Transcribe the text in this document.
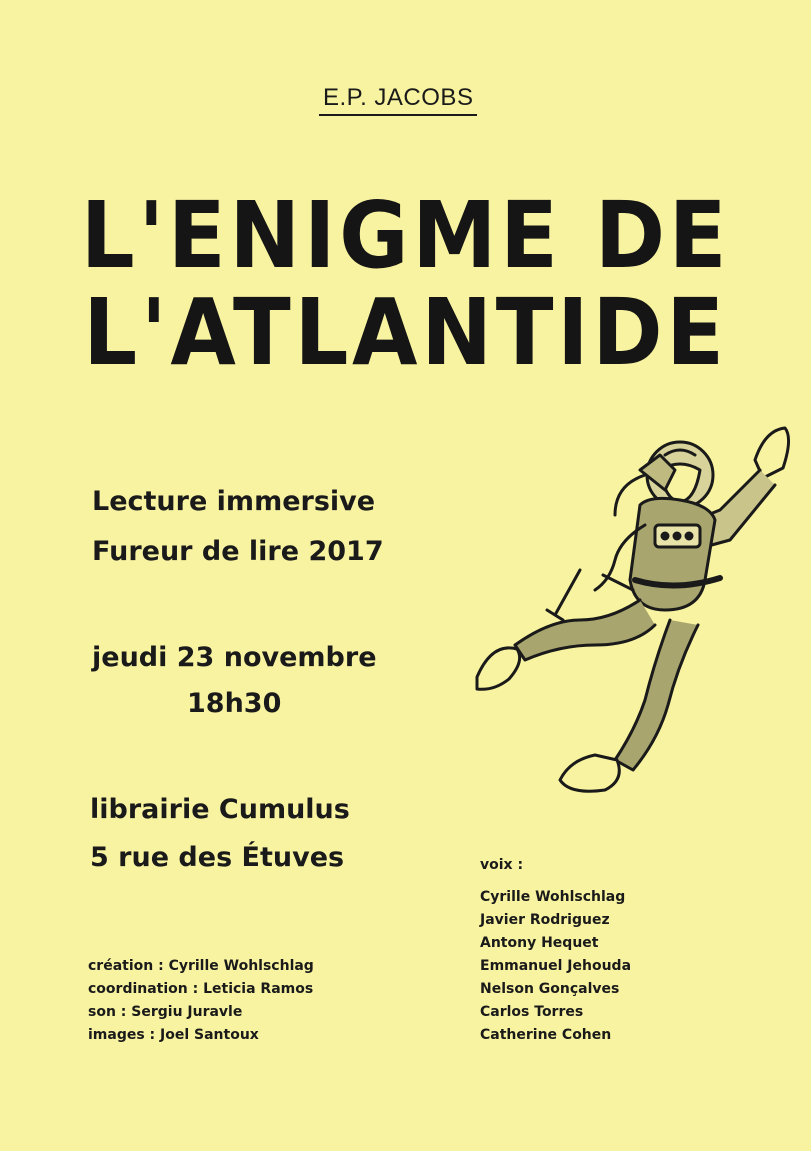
E.P. JACOBS
L'ENIGME DE
L'ATLANTIDE
Lecture immersive
Fureur de lire 2017
jeudi 23 novembre
18h30
librairie Cumulus
5 rue des Étuves
création : Cyrille Wohlschlag
coordination : Leticia Ramos
son : Sergiu Juravle
images : Joel Santoux
voix :
Cyrille Wohlschlag
Javier Rodriguez
Antony Hequet
Emmanuel Jehouda
Nelson Gonçalves
Carlos Torres
Catherine Cohen
